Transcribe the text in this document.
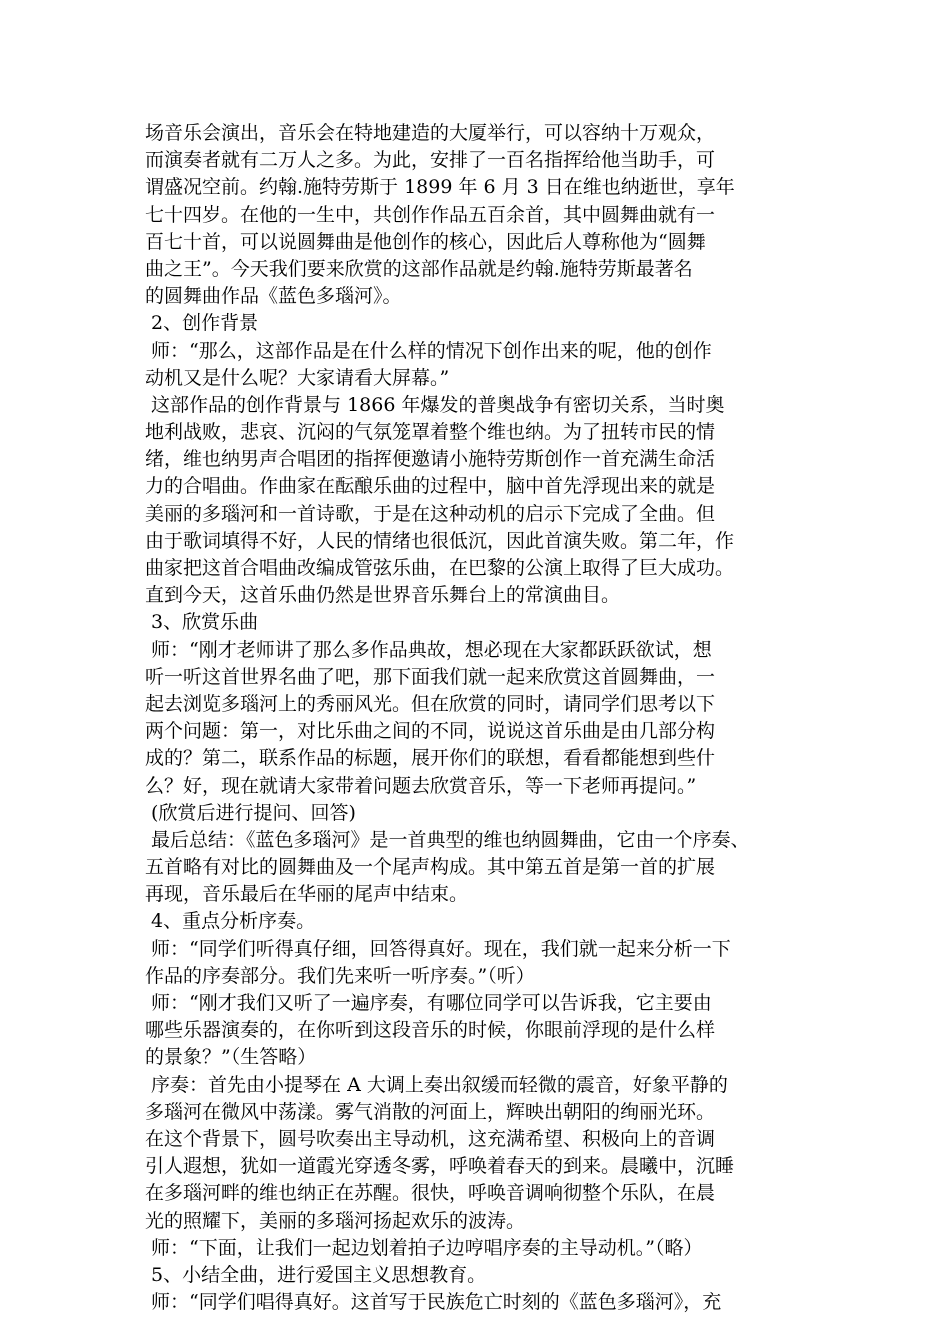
场音乐会演出，音乐会在特地建造的大厦举行，可以容纳十万观众，
而演奏者就有二万人之多。为此，安排了一百名指挥给他当助手，可
谓盛况空前。约翰.施特劳斯于 1899 年 6 月 3 日在维也纳逝世，享年
七十四岁。在他的一生中，共创作作品五百余首，其中圆舞曲就有一
百七十首，可以说圆舞曲是他创作的核心，因此后人尊称他为“圆舞
曲之王”。今天我们要来欣赏的这部作品就是约翰.施特劳斯最著名
的圆舞曲作品《蓝色多瑙河》。
2、创作背景
师：“那么，这部作品是在什么样的情况下创作出来的呢，他的创作
动机又是什么呢？大家请看大屏幕。”
这部作品的创作背景与 1866 年爆发的普奥战争有密切关系，当时奥
地利战败，悲哀、沉闷的气氛笼罩着整个维也纳。为了扭转市民的情
绪，维也纳男声合唱团的指挥便邀请小施特劳斯创作一首充满生命活
力的合唱曲。作曲家在酝酿乐曲的过程中，脑中首先浮现出来的就是
美丽的多瑙河和一首诗歌，于是在这种动机的启示下完成了全曲。但
由于歌词填得不好，人民的情绪也很低沉，因此首演失败。第二年，作
曲家把这首合唱曲改编成管弦乐曲，在巴黎的公演上取得了巨大成功。
直到今天，这首乐曲仍然是世界音乐舞台上的常演曲目。
3、欣赏乐曲
师：“刚才老师讲了那么多作品典故，想必现在大家都跃跃欲试，想
听一听这首世界名曲了吧，那下面我们就一起来欣赏这首圆舞曲，一
起去浏览多瑙河上的秀丽风光。但在欣赏的同时，请同学们思考以下
两个问题：第一，对比乐曲之间的不同，说说这首乐曲是由几部分构
成的？第二，联系作品的标题，展开你们的联想，看看都能想到些什
么？好，现在就请大家带着问题去欣赏音乐，等一下老师再提问。”
(欣赏后进行提问、回答)
最后总结：《蓝色多瑙河》是一首典型的维也纳圆舞曲，它由一个序奏、
五首略有对比的圆舞曲及一个尾声构成。其中第五首是第一首的扩展
再现，音乐最后在华丽的尾声中结束。
4、重点分析序奏。
师：“同学们听得真仔细，回答得真好。现在，我们就一起来分析一下
作品的序奏部分。我们先来听一听序奏。”（听）
师：“刚才我们又听了一遍序奏，有哪位同学可以告诉我，它主要由
哪些乐器演奏的，在你听到这段音乐的时候，你眼前浮现的是什么样
的景象？”（生答略）
序奏：首先由小提琴在 A 大调上奏出叙缓而轻微的震音，好象平静的
多瑙河在微风中荡漾。雾气消散的河面上，辉映出朝阳的绚丽光环。
在这个背景下，圆号吹奏出主导动机，这充满希望、积极向上的音调
引人遐想，犹如一道霞光穿透冬雾，呼唤着春天的到来。晨曦中，沉睡
在多瑙河畔的维也纳正在苏醒。很快，呼唤音调响彻整个乐队，在晨
光的照耀下，美丽的多瑙河扬起欢乐的波涛。
师：“下面，让我们一起边划着拍子边哼唱序奏的主导动机。”（略）
5、小结全曲，进行爱国主义思想教育。
师：“同学们唱得真好。这首写于民族危亡时刻的《蓝色多瑙河》，充
